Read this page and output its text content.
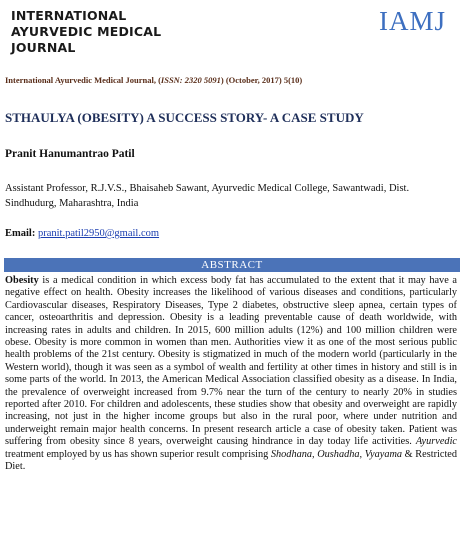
INTERNATIONAL
AYURVEDIC MEDICAL
JOURNAL
IAMJ
International Ayurvedic Medical Journal, (ISSN: 2320 5091) (October, 2017) 5(10)
STHAULYA (OBESITY) A SUCCESS STORY- A CASE STUDY
Pranit Hanumantrao Patil
Assistant Professor, R.J.V.S., Bhaisaheb Sawant, Ayurvedic Medical College, Sawantwadi, Dist. Sindhudurg, Maharashtra, India
Email: pranit.patil2950@gmail.com
ABSTRACT
Obesity is a medical condition in which excess body fat has accumulated to the extent that it may have a negative effect on health. Obesity increases the likelihood of various diseases and conditions, particularly Cardiovascular diseases, Respiratory Diseases, Type 2 diabetes, obstructive sleep apnea, certain types of cancer, osteoarthritis and depression. Obesity is a leading preventable cause of death worldwide, with increasing rates in adults and children. In 2015, 600 million adults (12%) and 100 million children were obese. Obesity is more common in women than men. Authorities view it as one of the most serious public health problems of the 21st century. Obesity is stigmatized in much of the modern world (particularly in the Western world), though it was seen as a symbol of wealth and fertility at other times in history and still is in some parts of the world. In 2013, the American Medical Association classified obesity as a disease. In India, the prevalence of overweight increased from 9.7% near the turn of the century to nearly 20% in studies reported after 2010. For children and adolescents, these studies show that obesity and overweight are rapidly increasing, not just in the higher income groups but also in the rural poor, where under nutrition and underweight remain major health concerns. In present research article a case of obesity taken. Patient was suffering from obesity since 8 years, overweight causing hindrance in day today life activities. Ayurvedic treatment employed by us has shown superior result comprising Shodhana, Oushadha, Vyayama & Restricted Diet.
